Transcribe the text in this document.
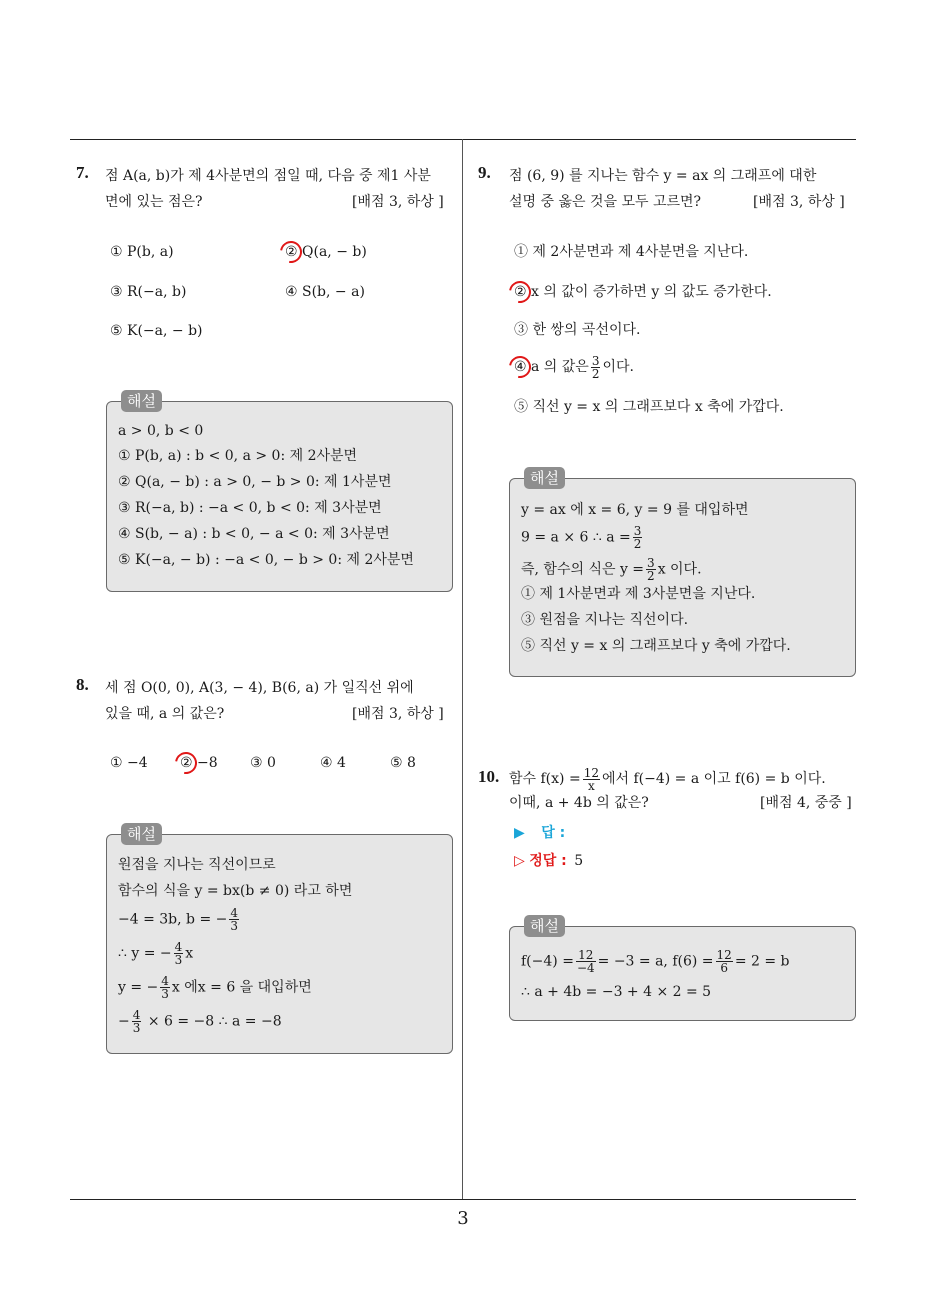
3
7. 점 A(a, b)가 제 4사분면의 점일 때, 다음 중 제1 사분
면에 있는 점은?	[배점 3, 하상 ]
① P(b, a)	② Q(a, − b)
③ R(−a, b)	④ S(b, − a)
⑤ K(−a, − b)
해설
a > 0, b < 0
① P(b, a) : b < 0, a > 0: 제 2사분면
② Q(a, − b) : a > 0, − b > 0: 제 1사분면
③ R(−a, b) : −a < 0, b < 0: 제 3사분면
④ S(b, − a) : b < 0, − a < 0: 제 3사분면
⑤ K(−a, − b) : −a < 0, − b > 0: 제 2사분면
8. 세 점 O(0, 0), A(3, − 4), B(6, a) 가 일직선 위에
있을 때, a 의 값은?	[배점 3, 하상 ]
① −4 ② −8 ③ 0	④ 4	⑤ 8
해설
원점을 지나는 직선이므로
함수의 식을 y = bx(b ≠ 0) 라고 하면
−4 = 3b, b = − $\frac{4}{3}$
∴ y = − $\frac{4}{3}$ x
y = − $\frac{4}{3}$ x 에x = 6 을 대입하면
− $\frac{4}{3} \times 6 = -8$ ∴ a = −8
9. 점 (6, 9) 를 지나는 함수 y = ax 의 그래프에 대한
설명 중 옳은 것을 모두 고르면?	[배점 3, 하상 ]
① 제 2사분면과 제 4사분면을 지난다.
② x 의 값이 증가하면 y 의 값도 증가한다.
③ 한 쌍의 곡선이다.
④ a 의 값은 $\frac{3}{2}$ 이다.
⑤ 직선 y = x 의 그래프보다 x 축에 가깝다.
해설
y = ax 에 x = 6, y = 9 를 대입하면
9 = a × 6 ∴ $a = \frac{3}{2}$
즉, 함수의 식은 $y = \frac{3}{2}$ x 이다.
① 제 1사분면과 제 3사분면을 지난다.
③ 원점을 지나는 직선이다.
⑤ 직선 y = x 의 그래프보다 y 축에 가깝다.
10. 함수 $f(x) = \frac{12}{x}$ 에서 f(−4) = a 이고 f(6) = b 이다.
이때, a + 4b 의 값은?	[배점 4, 중중 ]
▶ 답 :
▷ 정답 : 5
해설
$f(-4) = \frac{12}{-4} = -3 = a$, $f(6) = \frac{12}{6} = 2 = b$
∴ a + 4b = −3 + 4 × 2 = 5
